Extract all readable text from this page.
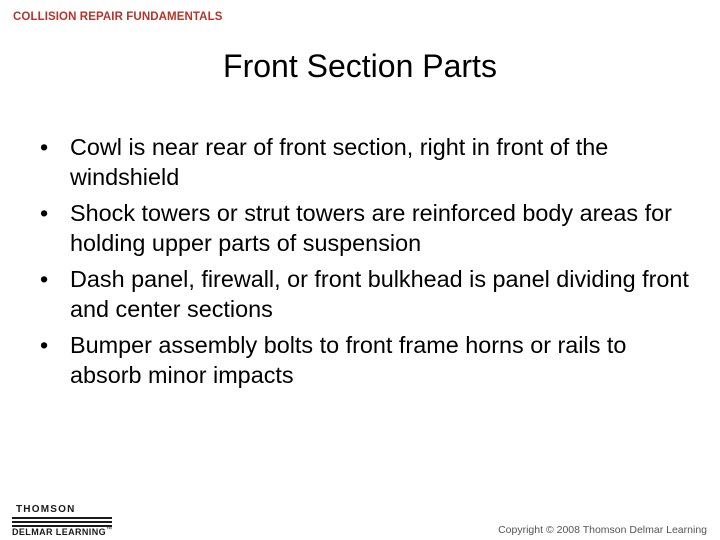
COLLISION REPAIR FUNDAMENTALS
Front Section Parts
• Cowl is near rear of front section, right in front of the windshield
• Shock towers or strut towers are reinforced body areas for holding upper parts of suspension
• Dash panel, firewall, or front bulkhead is panel dividing front and center sections
• Bumper assembly bolts to front frame horns or rails to absorb minor impacts
THOMSON
DELMAR LEARNING™	Copyright © 2008 Thomson Delmar Learning
